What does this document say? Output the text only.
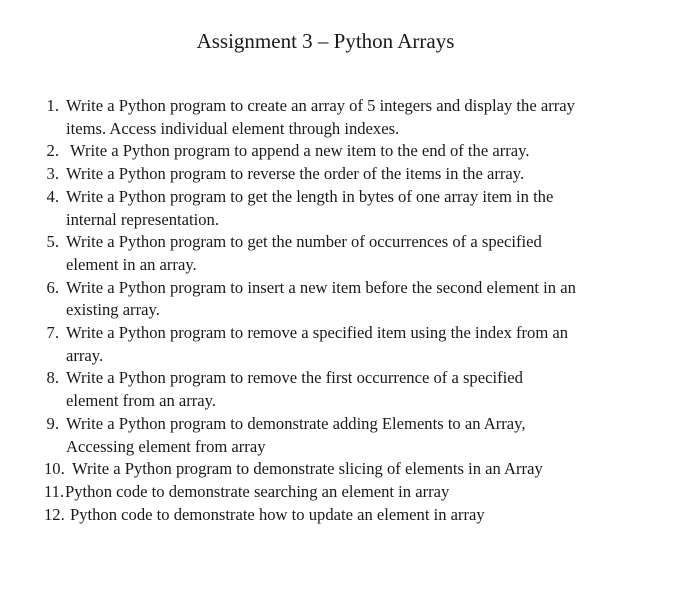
Assignment 3 – Python Arrays
1. Write a Python program to create an array of 5 integers and display the array
items. Access individual element through indexes.
2. Write a Python program to append a new item to the end of the array.
3. Write a Python program to reverse the order of the items in the array.
4. Write a Python program to get the length in bytes of one array item in the
internal representation.
5. Write a Python program to get the number of occurrences of a specified
element in an array.
6. Write a Python program to insert a new item before the second element in an
existing array.
7. Write a Python program to remove a specified item using the index from an
array.
8. Write a Python program to remove the first occurrence of a specified
element from an array.
9. Write a Python program to demonstrate adding Elements to an Array,
Accessing element from array
10. Write a Python program to demonstrate slicing of elements in an Array
11. Python code to demonstrate searching an element in array
12. Python code to demonstrate how to update an element in array
